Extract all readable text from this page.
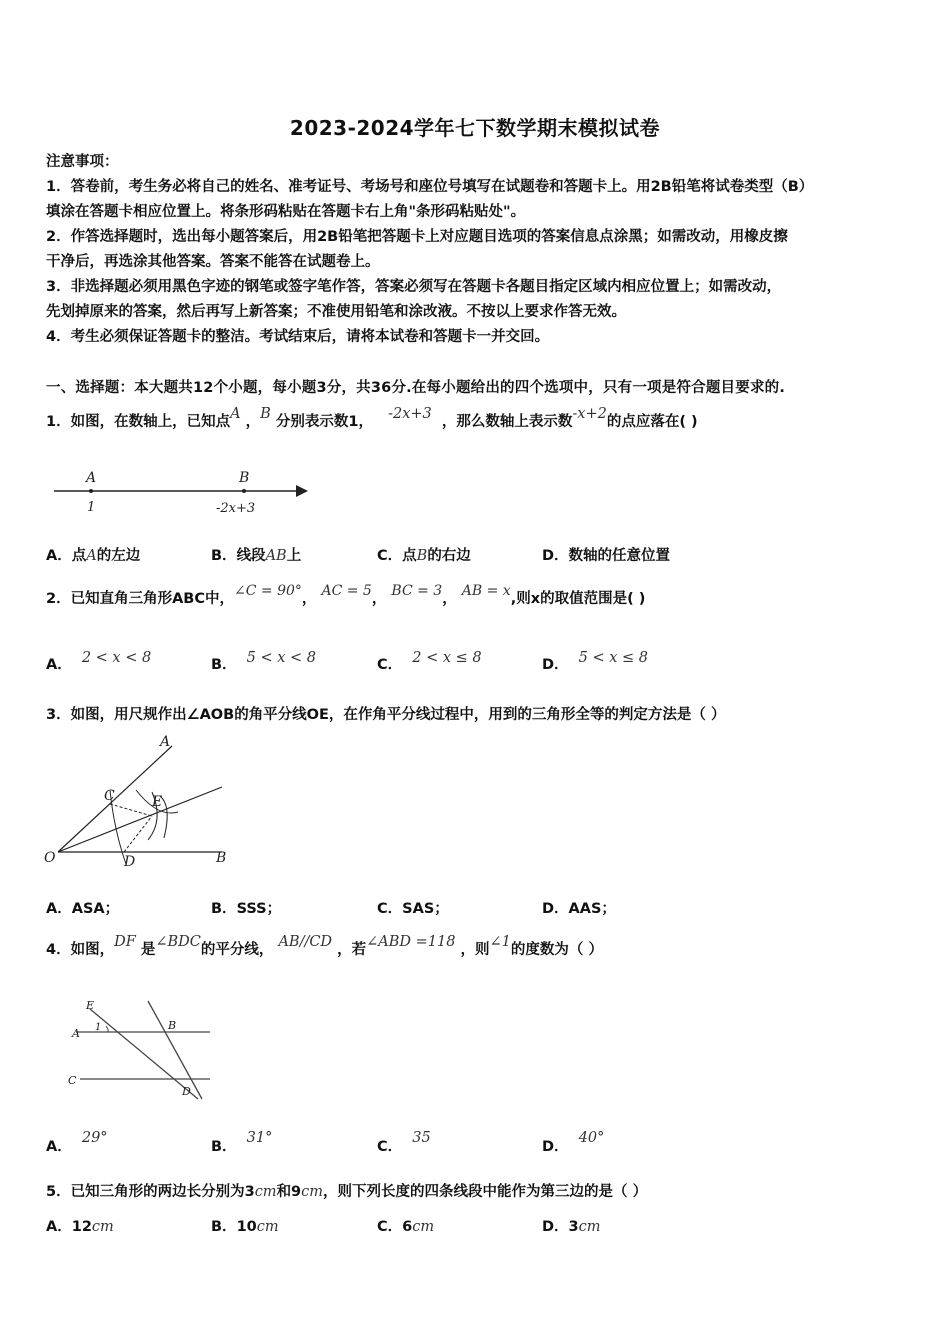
2023-2024学年七下数学期末模拟试卷
注意事项：
1．答卷前，考生务必将自己的姓名、准考证号、考场号和座位号填写在试题卷和答题卡上。用2B铅笔将试卷类型（B）
填涂在答题卡相应位置上。将条形码粘贴在答题卡右上角"条形码粘贴处"。
2．作答选择题时，选出每小题答案后，用2B铅笔把答题卡上对应题目选项的答案信息点涂黑；如需改动，用橡皮擦
干净后，再选涂其他答案。答案不能答在试题卷上。
3．非选择题必须用黑色字迹的钢笔或签字笔作答，答案必须写在答题卡各题目指定区域内相应位置上；如需改动，
先划掉原来的答案，然后再写上新答案；不准使用铅笔和涂改液。不按以上要求作答无效。
4．考生必须保证答题卡的整洁。考试结束后，请将本试卷和答题卡一并交回。
一、选择题：本大题共12个小题，每小题3分，共36分.在每小题给出的四个选项中，只有一项是符合题目要求的.
1．如图，在数轴上，已知点A ，B 分别表示数1， -2x+3 ，那么数轴上表示数-x+2的点应落在( )
A	B
1	-2x+3
A．点A的左边	B．线段AB上	C．点B的右边	D．数轴的任意位置
2．已知直角三角形ABC中，∠C = 90°， AC = 5， BC = 3， AB = x,则x的取值范围是( )
A． 2 < x < 8	B． 5 < x < 8	C． 2 < x ≤ 8	D． 5 < x ≤ 8
3．如图，用尺规作出∠AOB的角平分线OE，在作角平分线过程中，用到的三角形全等的判定方法是（ ）
A
C	E
O	D	B
A．ASA；	B．SSS；	C．SAS；	D．AAS；
4．如图，DF 是∠BDC的平分线， AB//CD ，若∠ABD =118 ，则∠1的度数为（ ）
E
A 1	B
C
D
A．  29°
B．  31°
C．  35
D．  40°
5．已知三角形的两边长分别为3cm和9cm，则下列长度的四条线段中能作为第三边的是（ ）
A．12cm	B．10cm	C．6cm	D．3cm
